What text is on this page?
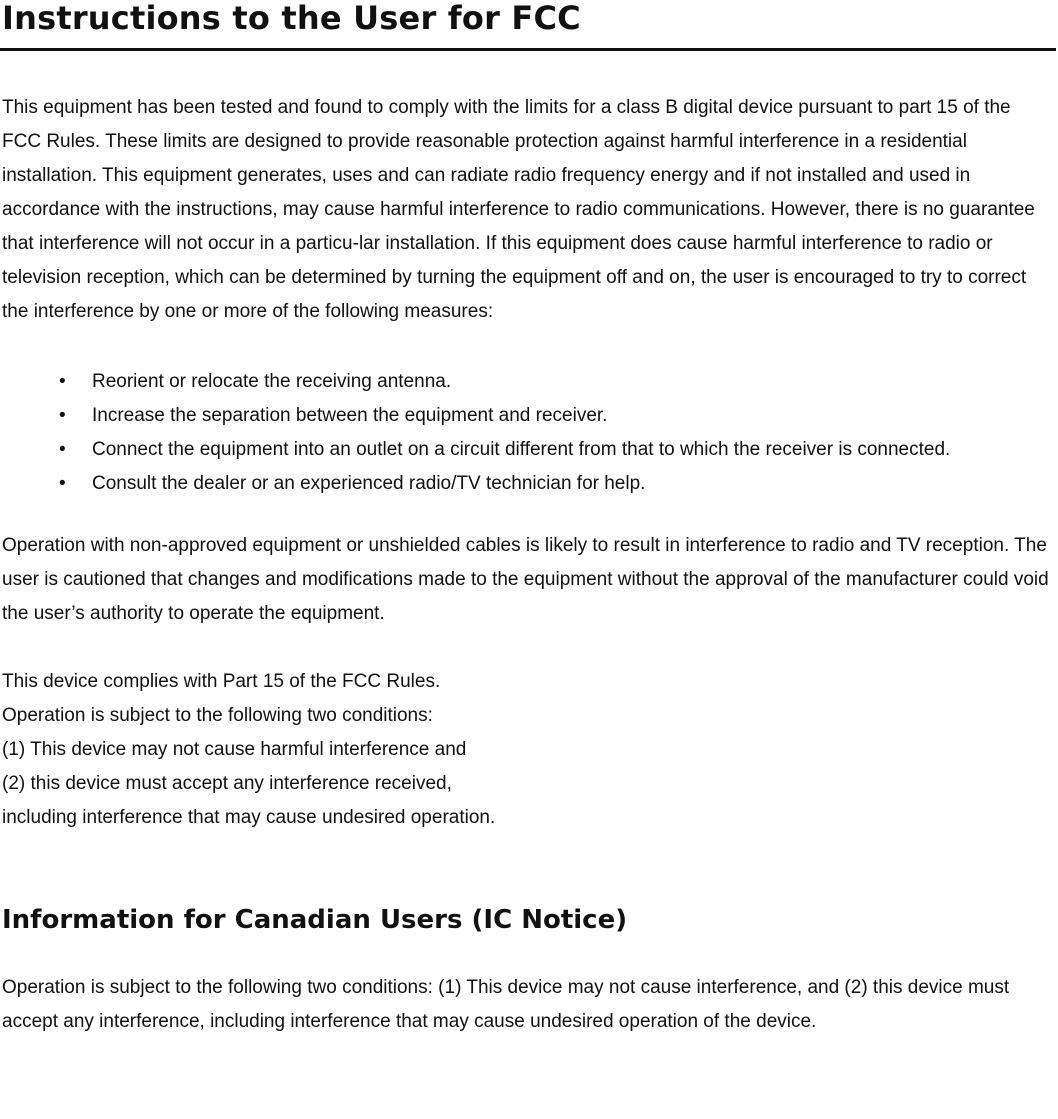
Instructions to the User for FCC

This equipment has been tested and found to comply with the limits for a class B digital device pursuant to part 15 of the FCC Rules. These limits are designed to provide reasonable protection against harmful interference in a residential installation. This equipment generates, uses and can radiate radio frequency energy and if not installed and used in accordance with the instructions, may cause harmful interference to radio communications. However, there is no guarantee that interference will not occur in a particu-lar installation. If this equipment does cause harmful interference to radio or television reception, which can be determined by turning the equipment off and on, the user is encouraged to try to correct the interference by one or more of the following measures:

• Reorient or relocate the receiving antenna.
• Increase the separation between the equipment and receiver.
• Connect the equipment into an outlet on a circuit different from that to which the receiver is connected.
• Consult the dealer or an experienced radio/TV technician for help.

Operation with non-approved equipment or unshielded cables is likely to result in interference to radio and TV reception. The user is cautioned that changes and modifications made to the equipment without the approval of the manufacturer could void the user’s authority to operate the equipment.

This device complies with Part 15 of the FCC Rules.

Operation is subject to the following two conditions:

(1) This device may not cause harmful interference and

(2) this device must accept any interference received,

including interference that may cause undesired operation.

Information for Canadian Users (IC Notice)

Operation is subject to the following two conditions: (1) This device may not cause interference, and (2) this device must accept any interference, including interference that may cause undesired operation of the device.
